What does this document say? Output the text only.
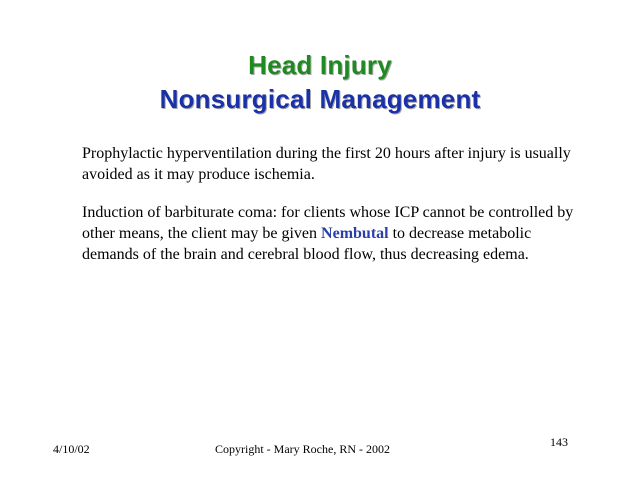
Head Injury
Nonsurgical Management

Prophylactic hyperventilation during the first 20 hours after injury is usually avoided as it may produce ischemia.

Induction of barbiturate coma: for clients whose ICP cannot be controlled by other means, the client may be given Nembutal to decrease metabolic demands of the brain and cerebral blood flow, thus decreasing edema.

4/10/02	Copyright - Mary Roche, RN - 2002	143
